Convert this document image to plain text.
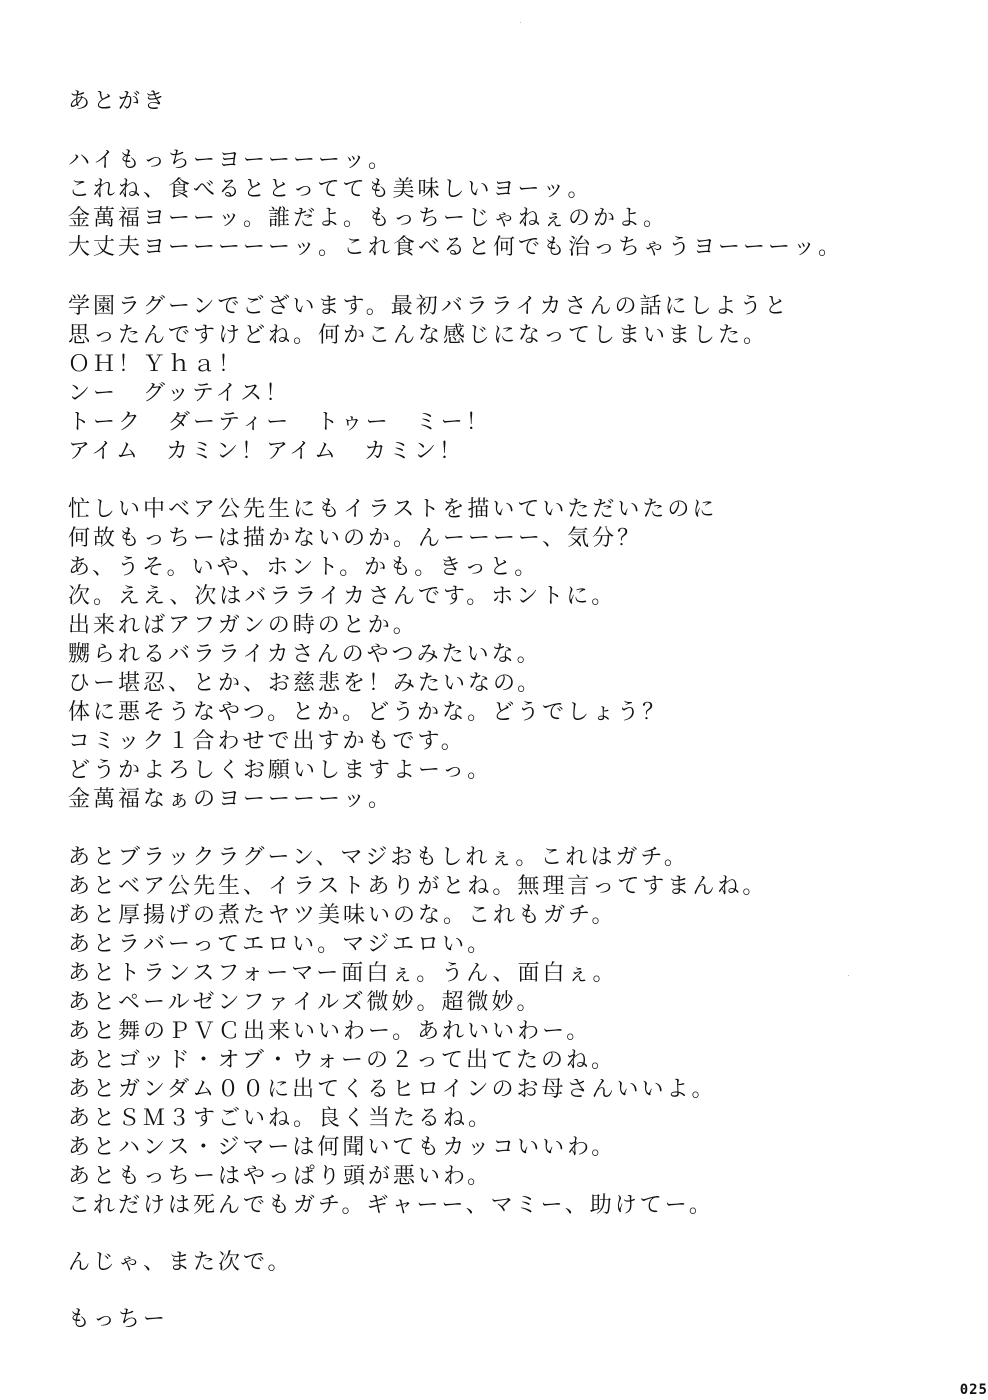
あとがき
ハイもっちーヨーーーーッ。
これね、食べるととってても美味しいヨーッ。
金萬福ヨーーッ。誰だよ。もっちーじゃねぇのかよ。
大丈夫ヨーーーーーッ。これ食べると何でも治っちゃうヨーーーッ。
学園ラグーンでございます。最初バラライカさんの話にしようと
思ったんですけどね。何かこんな感じになってしまいました。
ＯＨ！Ｙｈａ！
ンー　グッテイス！
トーク　ダーティー　トゥー　ミー！
アイム　カミン！アイム　カミン！
忙しい中ベア公先生にもイラストを描いていただいたのに
何故もっちーは描かないのか。んーーーー、気分？
あ、うそ。いや、ホント。かも。きっと。
次。ええ、次はバラライカさんです。ホントに。
出来ればアフガンの時のとか。
嬲られるバラライカさんのやつみたいな。
ひー堪忍、とか、お慈悲を！みたいなの。
体に悪そうなやつ。とか。どうかな。どうでしょう？
コミック１合わせで出すかもです。
どうかよろしくお願いしますよーっ。
金萬福なぁのヨーーーーッ。
あとブラックラグーン、マジおもしれぇ。これはガチ。
あとベア公先生、イラストありがとね。無理言ってすまんね。
あと厚揚げの煮たヤツ美味いのな。これもガチ。
あとラバーってエロい。マジエロい。
あとトランスフォーマー面白ぇ。うん、面白ぇ。
あとペールゼンファイルズ微妙。超微妙。
あと舞のＰＶＣ出来いいわー。あれいいわー。
あとゴッド・オブ・ウォーの２って出てたのね。
あとガンダム００に出てくるヒロインのお母さんいいよ。
あとＳＭ３すごいね。良く当たるね。
あとハンス・ジマーは何聞いてもカッコいいわ。
あともっちーはやっぱり頭が悪いわ。
これだけは死んでもガチ。ギャーー、マミー、助けてー。
んじゃ、また次で。
もっちー
025
